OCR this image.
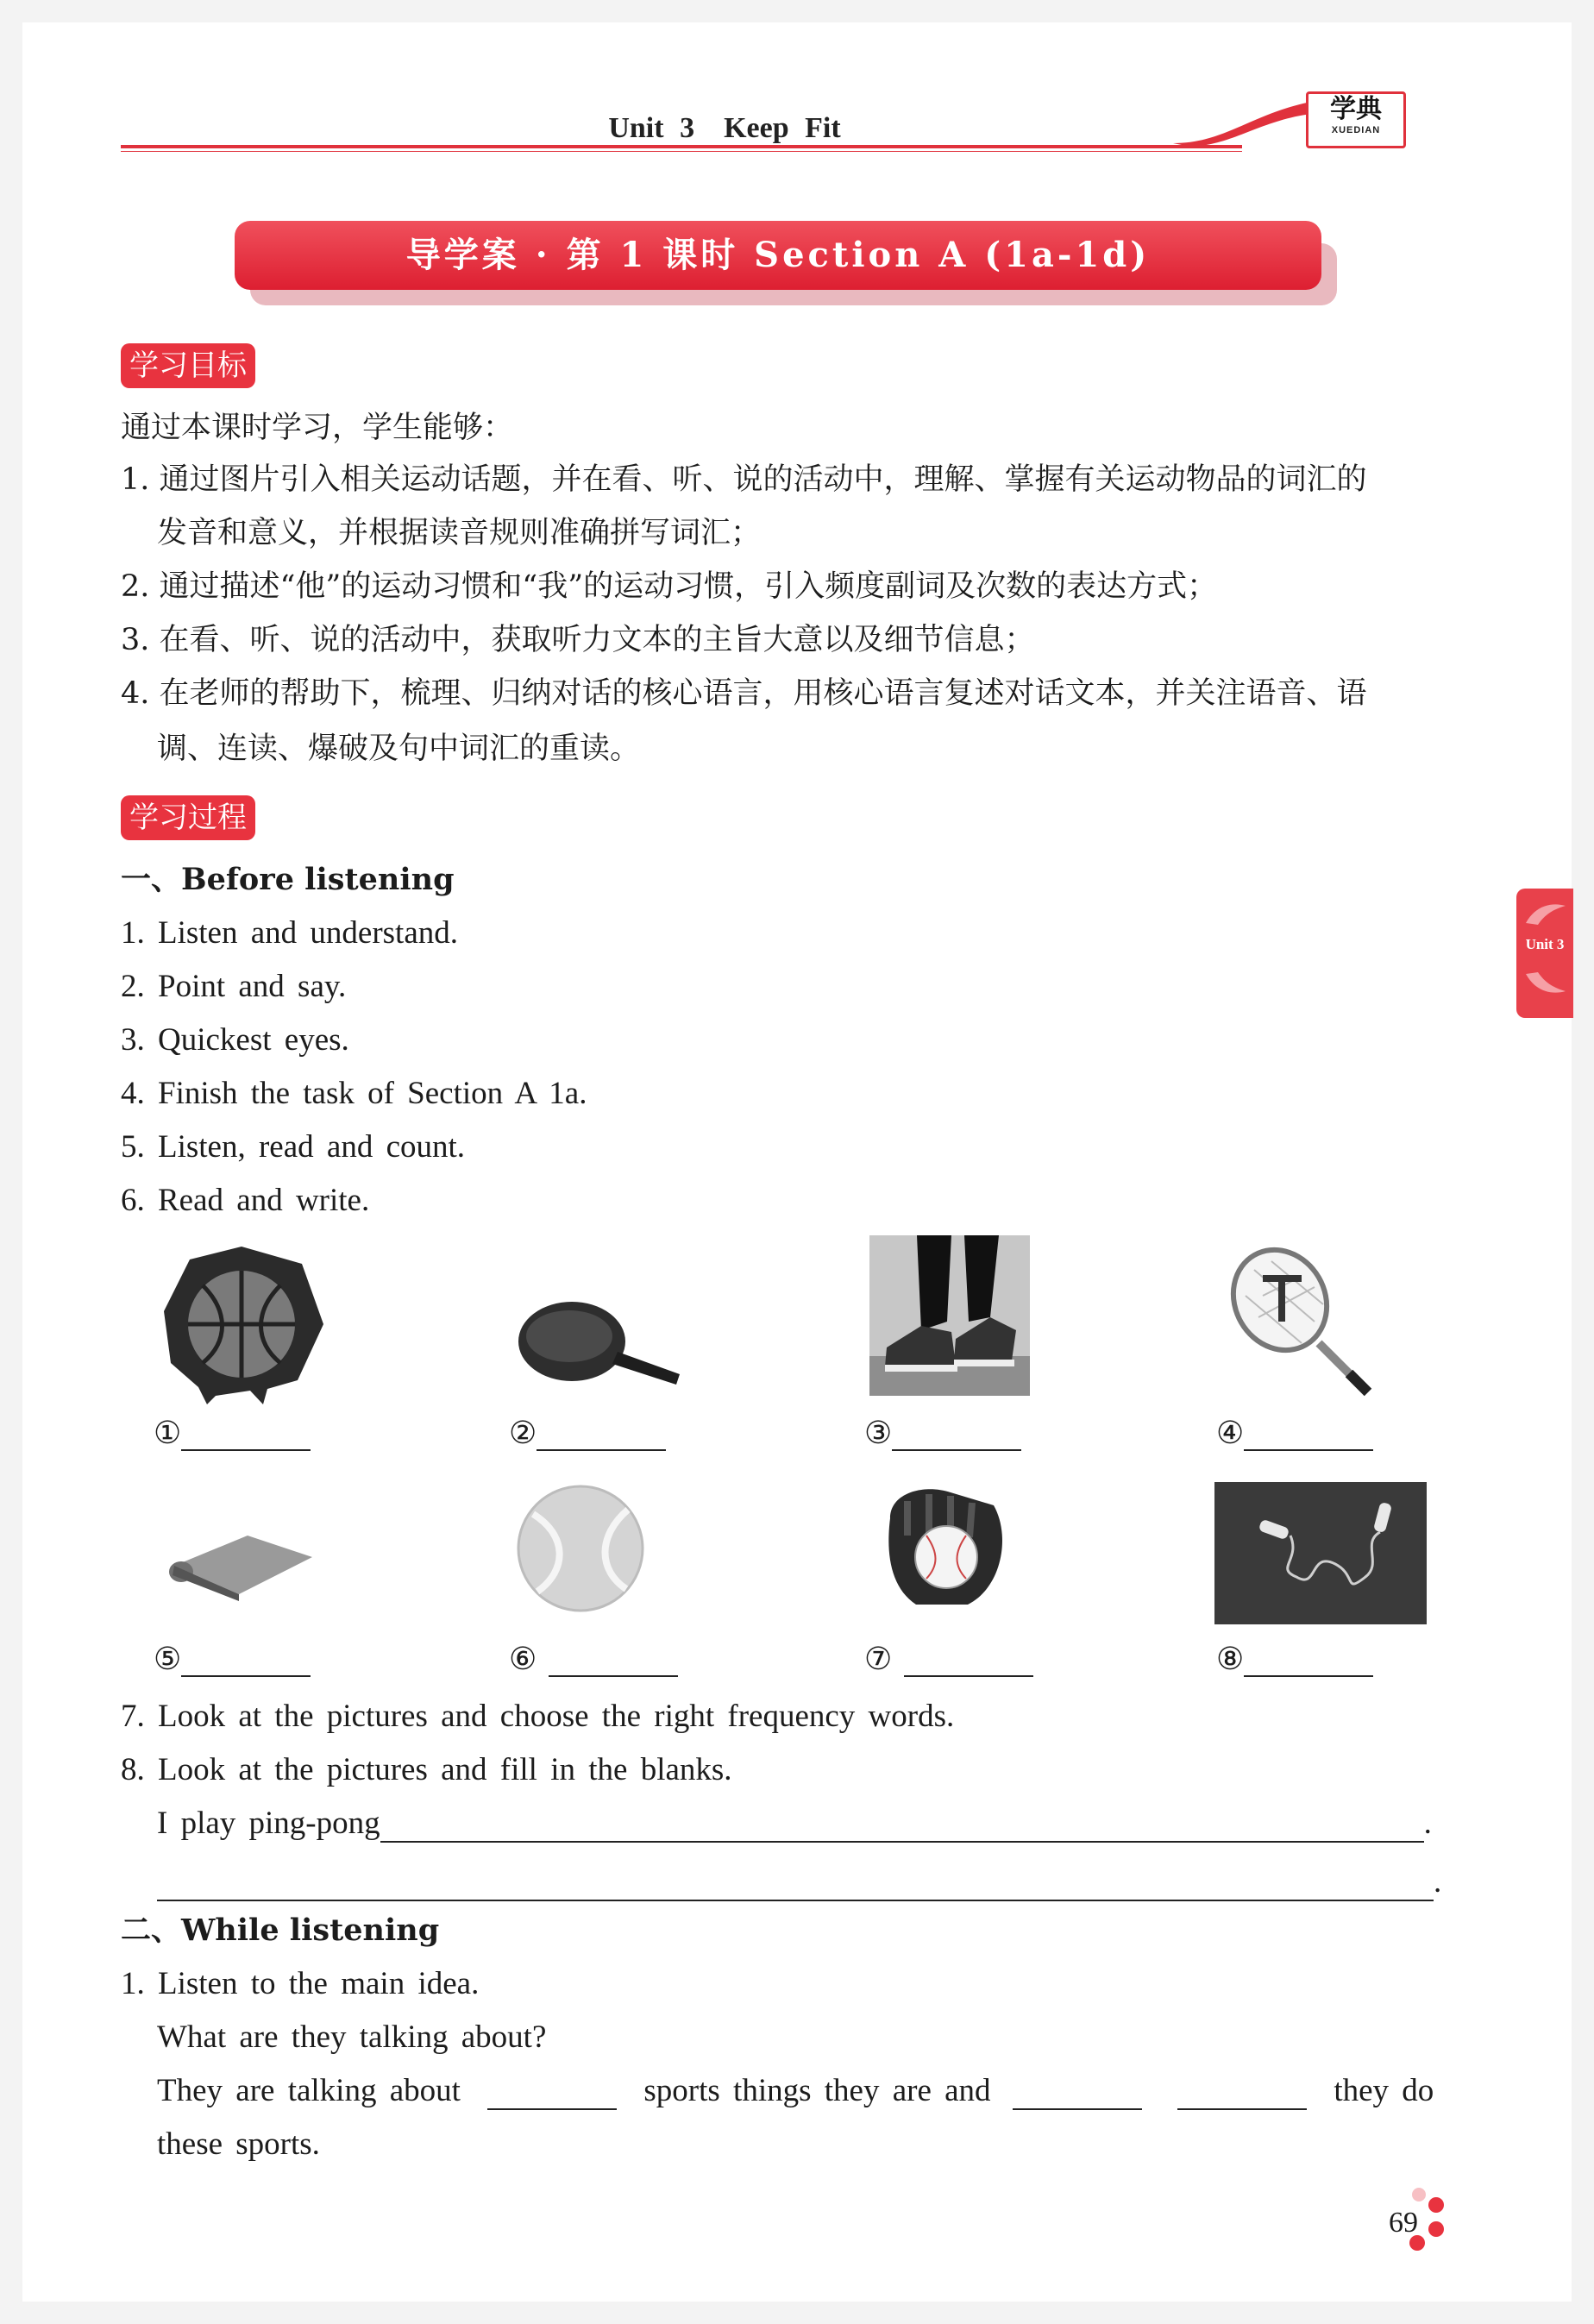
Unit 3　Keep Fit
学典
XUEDIAN
导学案 · 第 1 课时 Section A (1a-1d)
学习目标
通过本课时学习，学生能够：
1. 通过图片引入相关运动话题，并在看、听、说的活动中，理解、掌握有关运动物品的词汇的
发音和意义，并根据读音规则准确拼写词汇；
2. 通过描述“他”的运动习惯和“我”的运动习惯，引入频度副词及次数的表达方式；
3. 在看、听、说的活动中，获取听力文本的主旨大意以及细节信息；
4. 在老师的帮助下，梳理、归纳对话的核心语言，用核心语言复述对话文本，并关注语音、语
调、连读、爆破及句中词汇的重读。
学习过程
一、Before listening
1. Listen and understand.
2. Point and say.
3. Quickest eyes.
4. Finish the task of Section A 1a.
5. Listen, read and count.
6. Read and write.
①	②	③	④
⑤	⑥	⑦	⑧
7. Look at the pictures and choose the right frequency words.
8. Look at the pictures and fill in the blanks.
I play ping-pong	.
.
二、While listening
1. Listen to the main idea.
What are they talking about?
They are talking about	sports things they are and	they do
these sports.
Unit 3
69
